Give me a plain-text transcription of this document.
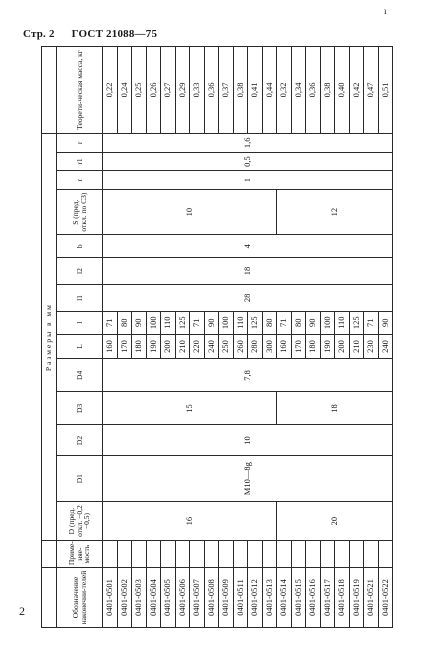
Стр. 2 ГОСТ 21088—75
ı
		Размеры в мм														
Обозначение наконечни-телей	Приме-няе-мость	D (пред. откл. −0,2 −0,5)	D1	D2	D3	D4	L	l	l1	l2	b	S (пред. откл. по C3)	r	r1	r	Теорети-ческая масса, кг
0401-0501		16	M10—8g	10	15	7,8	160	71	28	18	4	10	1	0,5	1,6	0,22
0401-0502							170	80								0,24
0401-0503							180	90								0,25
0401-0504							190	100								0,26
0401-0505							200	110								0,27
0401-0506							210	125								0,29
0401-0507							220	71								0,33
0401-0508							240	90								0,36
0401-0509							250	100								0,37
0401-0511							260	110								0,38
0401-0512							280	125								0,41
0401-0513							300	80								0,44
0401-0514		20			18		160	71				12				0,32
0401-0515							170	80								0,34
0401-0516							180	90								0,36
0401-0517							190	100								0,38
0401-0518							200	110								0,40
0401-0519							210	125								0,42
0401-0521							230	71								0,47
0401-0522							240	90								0,51
2
